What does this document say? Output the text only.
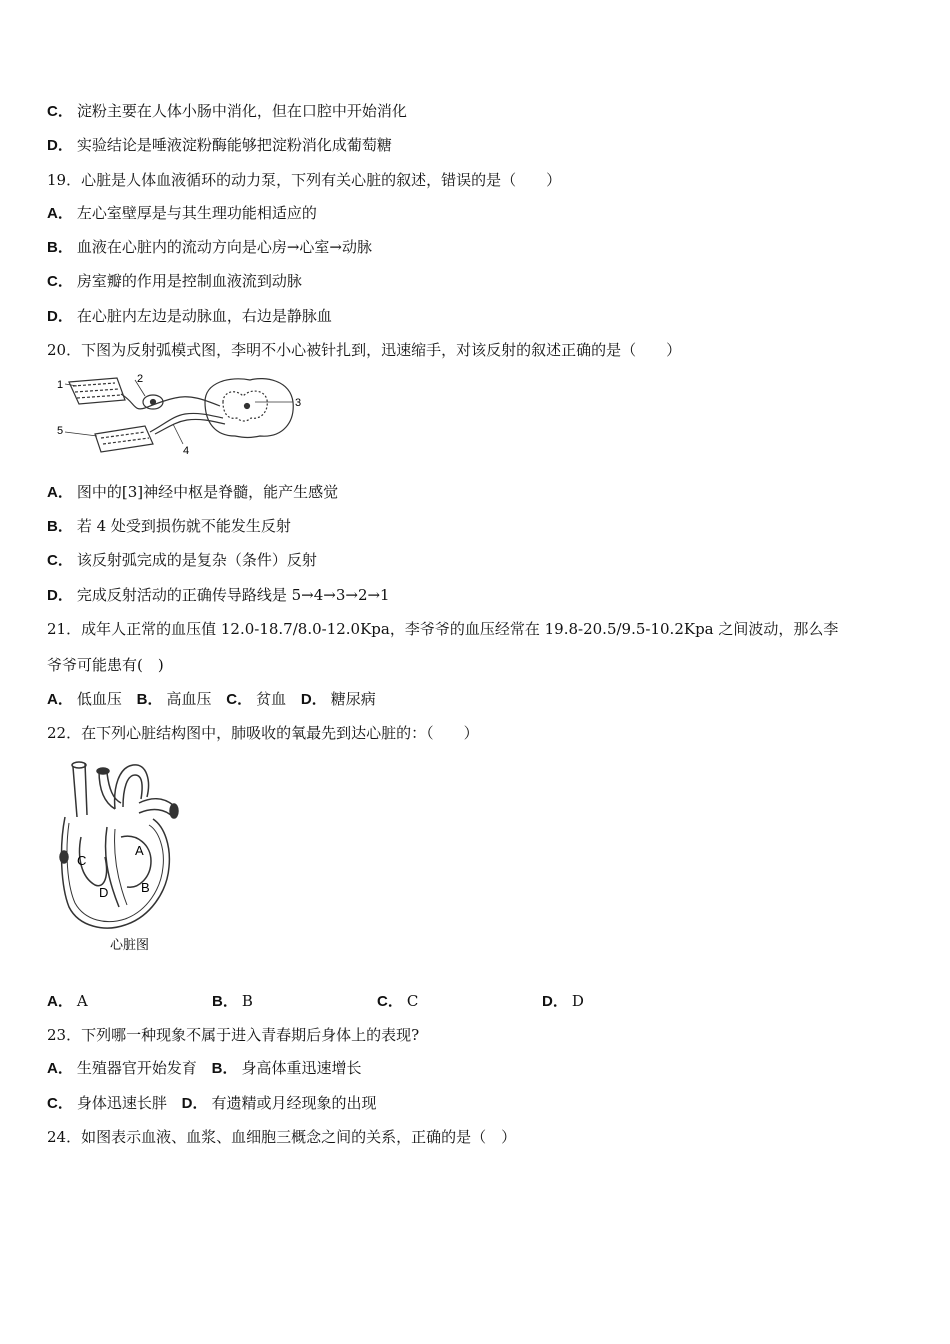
C． 淀粉主要在人体小肠中消化，但在口腔中开始消化
D． 实验结论是唾液淀粉酶能够把淀粉消化成葡萄糖
19．心脏是人体血液循环的动力泵，下列有关心脏的叙述，错误的是（　　）
A． 左心室壁厚是与其生理功能相适应的
B． 血液在心脏内的流动方向是心房→心室→动脉
C． 房室瓣的作用是控制血液流到动脉
D． 在心脏内左边是动脉血，右边是静脉血
20．下图为反射弧模式图，李明不小心被针扎到，迅速缩手，对该反射的叙述正确的是（　　）
1	2
3
4
5
A． 图中的[3]神经中枢是脊髓，能产生感觉
B． 若 4 处受到损伤就不能发生反射
C． 该反射弧完成的是复杂（条件）反射
D． 完成反射活动的正确传导路线是 5→4→3→2→1
21．成年人正常的血压值 12.0-18.7/8.0-12.0Kpa，李爷爷的血压经常在 19.8-20.5/9.5-10.2Kpa 之间波动，那么李
爷爷可能患有(　)
A． 低血压 B． 高血压 C． 贫血 D． 糖尿病
22．在下列心脏结构图中，肺吸收的氧最先到达心脏的：（　　）
A
B
C
D
心脏图
A． A	B． B	C． C	D． D
23．下列哪一种现象不属于进入青春期后身体上的表现?
A． 生殖器官开始发育 B． 身高体重迅速增长
C． 身体迅速长胖 D． 有遗精或月经现象的出现
24．如图表示血液、血浆、血细胞三概念之间的关系，正确的是（　）
